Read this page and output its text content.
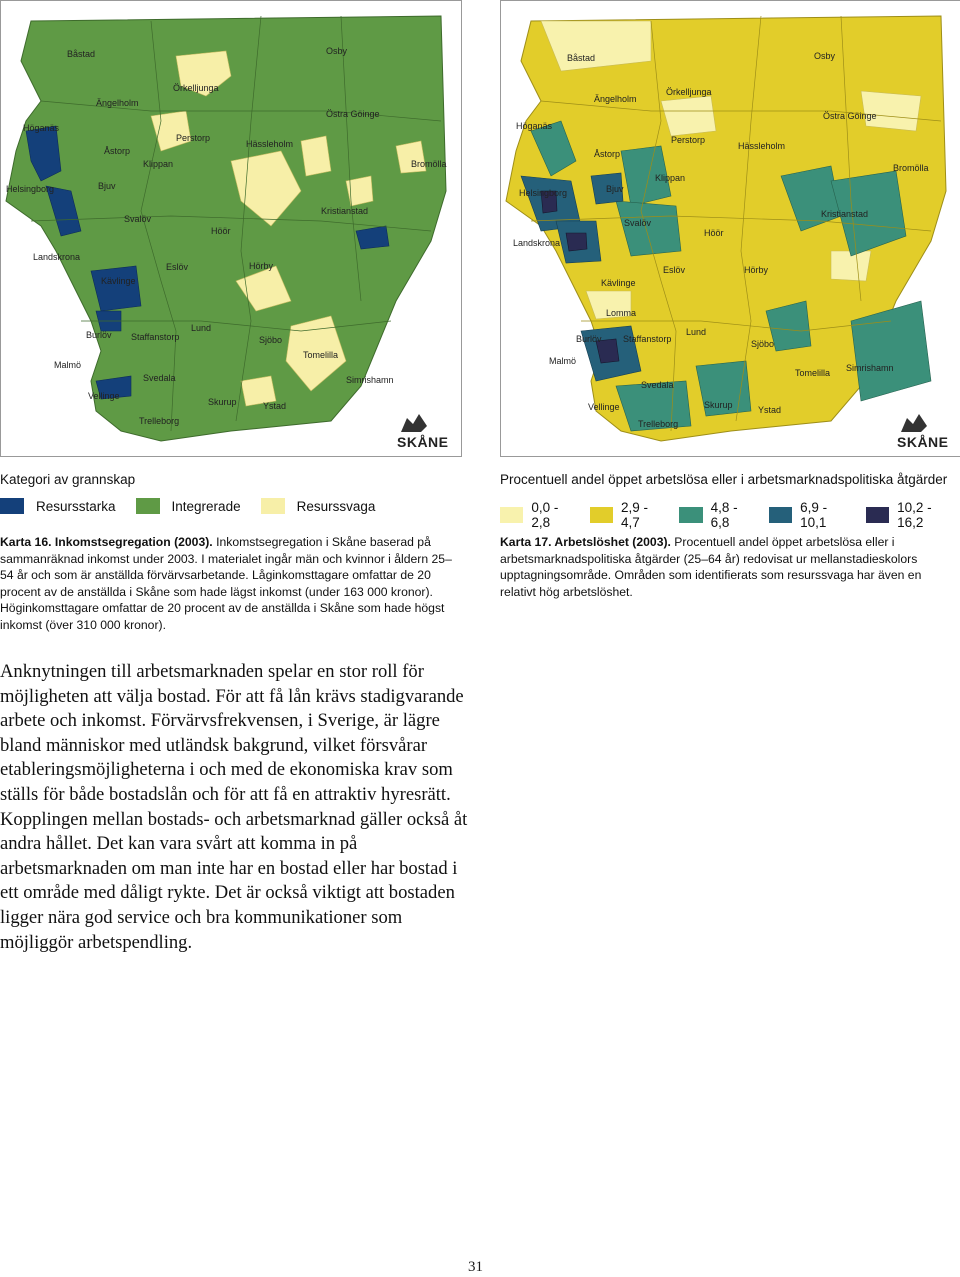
Båstad	Osby
Örkelljunga
Ängelholm
Höganäs
Östra Göinge
Perstorp
Åstorp
Hässleholm
Klippan	Bromölla
Helsingborg	Bjuv
Svalöv
Kristianstad
Höör
Landskrona
Eslöv	Hörby
Kävlinge
Lund
Burlöv Staffanstorp	Sjöbo
Malmö
Tomelilla
Svedala	Simrishamn
Vellinge
Skurup	Ystad
Trelleborg
SKÅNE
Båstad	Osby
Örkelljunga
Ängelholm
Östra Göinge
Höganäs
Perstorp
Hässleholm
Åstorp
Bromölla
Klippan
Helsingborg	Bjuv
Kristianstad
Svalöv
Höör
Landskrona
Eslöv	Hörby
Kävlinge
Lomma
Lund
Burlöv Staffanstorp	Sjöbo
Malmö
Simrishamn
Tomelilla
Svedala
Vellinge	Skurup	Ystad
Trelleborg
SKÅNE
Kategori av grannskap
Resursstarka	Integrerade	Resurssvaga
Procentuell andel öppet arbetslösa eller i arbetsmarknadspolitiska åtgärder
0,0 - 2,8
2,9 - 4,7
4,8 - 6,8
6,9 - 10,1
10,2 - 16,2
Karta 16. Inkomstsegregation (2003). Inkomstsegregation i Skåne baserad på sammanräknad inkomst under 2003. I materialet ingår män och kvinnor i åldern 25–54 år och som är anställda förvärvsarbetande. Låginkomsttagare omfattar de 20 procent av de anställda i Skåne som hade lägst inkomst (under 163 000 kronor). Höginkomsttagare omfattar de 20 procent av de anställda i Skåne som hade högst inkomst (över 310 000 kronor).
Karta 17. Arbetslöshet (2003). Procentuell andel öppet arbetslösa eller i arbetsmarknadspolitiska åtgärder (25–64 år) redovisat ur mellanstadieskolors upptagningsområde. Områden som identifierats som resurssvaga har även en relativt hög arbetslöshet.

Anknytningen till arbetsmarknaden spelar en stor roll för möjligheten att välja bostad. För att få lån krävs stadigvarande arbete och inkomst. Förvärvsfrekvensen, i Sverige, är lägre bland människor med utländsk bakgrund, vilket försvårar etableringsmöjligheterna i och med de ekonomiska krav som ställs för både bostadslån och för att få en attraktiv hyresrätt. Kopplingen mellan bostads- och arbetsmarknad gäller också åt andra hållet. Det kan vara svårt att komma in på arbetsmarknaden om man inte har en bostad eller har bostad i ett område med dåligt rykte. Det är också viktigt att bostaden ligger nära god service och bra kommunikationer som möjliggör arbetspendling.

31
